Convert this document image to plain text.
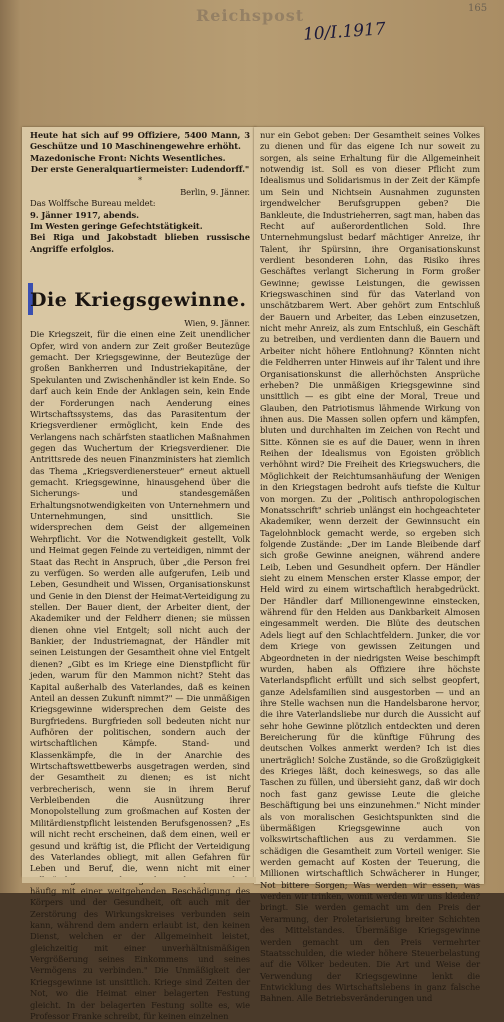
Reichspost
10/I.1917
165

Heute hat sich auf 99 Offiziere, 5400 Mann, 3 Geschütze und 10 Maschinengewehre erhöht.

Mazedonische Front: Nichts Wesentliches.

Der erste Generalquartiermeister: Ludendorff."

*

Berlin, 9. Jänner.

Das Wolffsche Bureau meldet:

9. Jänner 1917, abends.

Im Westen geringe Gefechtstätigkeit.

Bei Riga und Jakobstadt blieben russische Angriffe erfolglos.

Die Kriegsgewinne.

Wien, 9. Jänner.

Die Kriegszeit, für die einen eine Zeit unendlicher Opfer, wird von andern zur Zeit großer Beutezüge gemacht. Der Kriegsgewinne, der Beutezüge der großen Bankherren und Industriekapitäne, der Spekulanten und Zwischenhändler ist kein Ende. So darf auch kein Ende der Anklagen sein, kein Ende der Forderungen nach Aenderung eines Wirtschaftssystems, das das Parasitentum der Kriegsverdiener ermöglicht, kein Ende des Verlangens nach schärfsten staatlichen Maßnahmen gegen das Wuchertum der Kriegsverdiener. Die Antrittsrede des neuen Finanzministers hat ziemlich das Thema „Kriegsverdienersteuer" erneut aktuell gemacht. Kriegsgewinne, hinausgehend über die Sicherungs- und standesgemäßen Erhaltungsnotwendigkeiten von Unternehmern und Unternehmungen, sind unsittlich. Sie widersprechen dem Geist der allgemeinen Wehrpflicht. Vor die Notwendigkeit gestellt, Volk und Heimat gegen Feinde zu verteidigen, nimmt der Staat das Recht in Anspruch, über „die Person frei zu verfügen. So werden alle aufgerufen, Leib und Leben, Gesundheit und Wissen, Organisationskunst und Genie in den Dienst der Heimat-Verteidigung zu stellen. Der Bauer dient, der Arbeiter dient, der Akademiker und der Feldherr dienen; sie müssen dienen ohne viel Entgelt; soll nicht auch der Bankier, der Industriemagnat, der Händler mit seinen Leistungen der Gesamtheit ohne viel Entgelt dienen? „Gibt es im Kriege eine Dienstpflicht für jeden, warum für den Mammon nicht? Steht das Kapital außerhalb des Vaterlandes, daß es keinen Anteil an dessen Zukunft nimmt?" — Die unmäßigen Kriegsgewinne widersprechen dem Geiste des Burgfriedens. Burgfrieden soll bedeuten nicht nur Aufhören der politischen, sondern auch der wirtschaftlichen Kämpfe. Stand- und Klassenkämpfe, die in der Anarchie des Wirtschaftswettbewerbs ausgetragen werden, sind der Gesamtheit zu dienen; es ist nicht verbrecherisch, wenn sie in ihrem Beruf Verbleibenden die Ausnützung ihrer Monopolstellung zum großmachen auf Kosten der Militärdienstpflicht leistenden Berufsgenossen? „Es will nicht recht erscheinen, daß dem einen, weil er gesund und kräftig ist, die Pflicht der Verteidigung des Vaterlandes obliegt, mit allen Gefahren für Leben und Beruf, die, wenn nicht mit einer häufig mit einer weitgehenden Beschädigung des Körpers und der Gesundheit, oft auch mit der Zerstörung des Wirkungskreises verbunden sein kann, während dem andern erlaubt ist, den keinen Dienst, welchen er der Allgemeinheit leistet, gleichzeitig mit einer unverhältnismäßigen Vergrößerung seines Einkommens und seines Vermögens zu verbinden." Die Unmäßigkeit der Kriegsgewinne ist unsittlich. Kriege sind Zeiten der Not, wo die Heimat einer belagerten Festung gleicht. In der belagerten Festung sollte es, wie Professor Franke schreibt, für keinen einzelnen

nur ein Gebot geben: Der Gesamtheit seines Volkes zu dienen und für das eigene Ich nur soweit zu sorgen, als seine Erhaltung für die Allgemeinheit notwendig ist. Soll es von dieser Pflicht zum Idealismus und Solidarismus in der Zeit der Kämpfe um Sein und Nichtsein Ausnahmen zugunsten irgendwelcher Berufsgruppen geben? Die Bankleute, die Industrieherren, sagt man, haben das Recht auf außerordentlichen Sold. Ihre Unternehmungslust bedarf mächtiger Anreize, ihr Talent, ihr Spürsinn, ihre Organisationskunst verdient besonderen Lohn, das Risiko ihres Geschäftes verlangt Sicherung in Form großer Gewinne; gewisse Leistungen, die gewissen Kriegswaschinen sind für das Vaterland von unschätzbarem Wert. Aber gehört zum Entschluß der Bauern und Arbeiter, das Leben einzusetzen, nicht mehr Anreiz, als zum Entschluß, ein Geschäft zu betreiben, und verdienten dann die Bauern und Arbeiter nicht höhere Entlohnung? Könnten nicht die Feldherren unter Hinweis auf ihr Talent und ihre Organisationskunst die allerhöchsten Ansprüche erheben? Die unmäßigen Kriegsgewinne sind unsittlich — es gibt eine der Moral, Treue und Glauben, den Patriotismus lähmende Wirkung von ihnen aus. Die Massen sollen opfern und kämpfen, bluten und durchhalten im Zeichen von Recht und Sitte. Können sie es auf die Dauer, wenn in ihren Reihen der Idealismus von Egoisten gröblich verhöhnt wird? Die Freiheit des Kriegswuchers, die Möglichkeit der Reichtumsanhäufung der Wenigen in den Kriegstagen bedroht aufs tiefste die Kultur von morgen. Zu der „Politisch anthropologischen Monatsschrift" schrieb unlängst ein hochgeachteter Akademiker, wenn derzeit der Gewinnsucht ein Tagelohnblock gemacht werde, so ergeben sich folgende Zustände: „Der im Lande Bleibende darf sich große Gewinne aneignen, während andere Leib, Leben und Gesundheit opfern. Der Händler sieht zu einem Menschen erster Klasse empor, der Held wird zu einem wirtschaftlich herabgedrückt. Der Händler darf Millionengewinne einstecken, während für den Helden aus Dankbarkeit Almosen eingesammelt werden. Die Blüte des deutschen Adels liegt auf den Schlachtfeldern. Junker, die vor dem Kriege von gewissen Zeitungen und Abgeordneten in der niedrigsten Weise beschimpft wurden, haben als Offiziere ihre höchste Vaterlandspflicht erfüllt und sich selbst geopfert, ganze Adelsfamilien sind ausgestorben — und an ihre Stelle wachsen nun die Handelsbarone hervor, die ihre Vaterlandsliebe nur durch die Aussicht auf sehr hohe Gewinne plötzlich entdeckten und deren Bereicherung für die künftige Führung des deutschen Volkes anmerkt werden? Ich ist dies unerträglich! Solche Zustände, so die Großzügigkeit des Krieges läßt, doch keineswegs, so das alle Taschen zu füllen, und übersieht ganz, daß wir doch noch fast ganz gewisse Leute die gleiche Beschäftigung bei uns einzunehmen." Nicht minder als von moralischen Gesichtspunkten sind die übermäßigen Kriegsgewinne auch von volkswirtschaftlichen aus zu verdammen. Sie schädigen die Gesamtheit zum Vorteil weniger. Sie werden gemacht auf Kosten der Teuerung, die Millionen wirtschaftlich Schwächerer in Hunger, Not bittere Sorgen; Was werden wir essen, was werden wir trinken, womit werden wir uns kleiden? bringt. Sie werden gemacht um den Preis der Verarmung, der Proletarisierung breiter Schichten des Mittelstandes. Übermäßige Kriegsgewinne werden gemacht um den Preis vermehrter Staatsschulden, die wieder höhere Steuerbelastung auf die Völker bedeuten. Die Art und Weise der Verwendung der Kriegsgewinne lenkt die Entwicklung des Wirtschaftslebens in ganz falsche Bahnen. Alle Betriebsveränderungen und
